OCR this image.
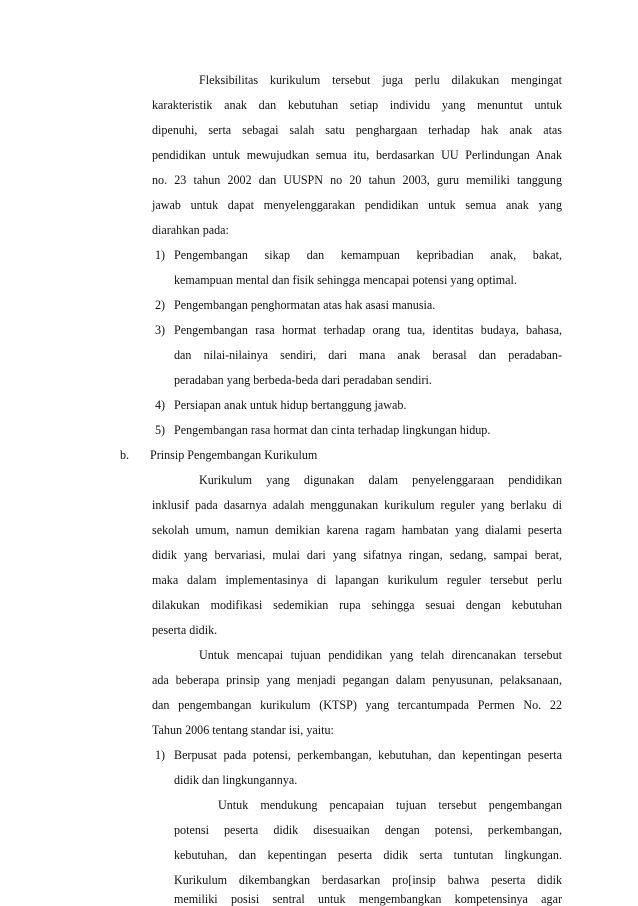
Fleksibilitas kurikulum tersebut juga perlu dilakukan mengingat
karakteristik anak dan kebutuhan setiap individu yang menuntut untuk
dipenuhi, serta sebagai salah satu penghargaan terhadap hak anak atas
pendidikan untuk mewujudkan semua itu, berdasarkan UU Perlindungan Anak
no. 23 tahun 2002 dan UUSPN no 20 tahun 2003, guru memiliki tanggung
jawab untuk dapat menyelenggarakan pendidikan untuk semua anak yang
diarahkan pada:
1) Pengembangan sikap dan kemampuan kepribadian anak, bakat,
kemampuan mental dan fisik sehingga mencapai potensi yang optimal.
2) Pengembangan penghormatan atas hak asasi manusia.
3) Pengembangan rasa hormat terhadap orang tua, identitas budaya, bahasa,
dan nilai-nilainya sendiri, dari mana anak berasal dan peradaban-
peradaban yang berbeda-beda dari peradaban sendiri.
4) Persiapan anak untuk hidup bertanggung jawab.
5) Pengembangan rasa hormat dan cinta terhadap lingkungan hidup.
b. Prinsip Pengembangan Kurikulum
Kurikulum yang digunakan dalam penyelenggaraan pendidikan
inklusif pada dasarnya adalah menggunakan kurikulum reguler yang berlaku di
sekolah umum, namun demikian karena ragam hambatan yang dialami peserta
didik yang bervariasi, mulai dari yang sifatnya ringan, sedang, sampai berat,
maka dalam implementasinya di lapangan kurikulum reguler tersebut perlu
dilakukan modifikasi sedemikian rupa sehingga sesuai dengan kebutuhan
peserta didik.
Untuk mencapai tujuan pendidikan yang telah direncanakan tersebut
ada beberapa prinsip yang menjadi pegangan dalam penyusunan, pelaksanaan,
dan pengembangan kurikulum (KTSP) yang tercantumpada Permen No. 22
Tahun 2006 tentang standar isi, yaitu:
1) Berpusat pada potensi, perkembangan, kebutuhan, dan kepentingan peserta
didik dan lingkungannya.
Untuk mendukung pencapaian tujuan tersebut pengembangan
potensi peserta didik disesuaikan dengan potensi, perkembangan,
kebutuhan, dan kepentingan peserta didik serta tuntutan lingkungan.
Kurikulum dikembangkan berdasarkan pro[insip bahwa peserta didik
memiliki posisi sentral untuk mengembangkan kompetensinya agar
